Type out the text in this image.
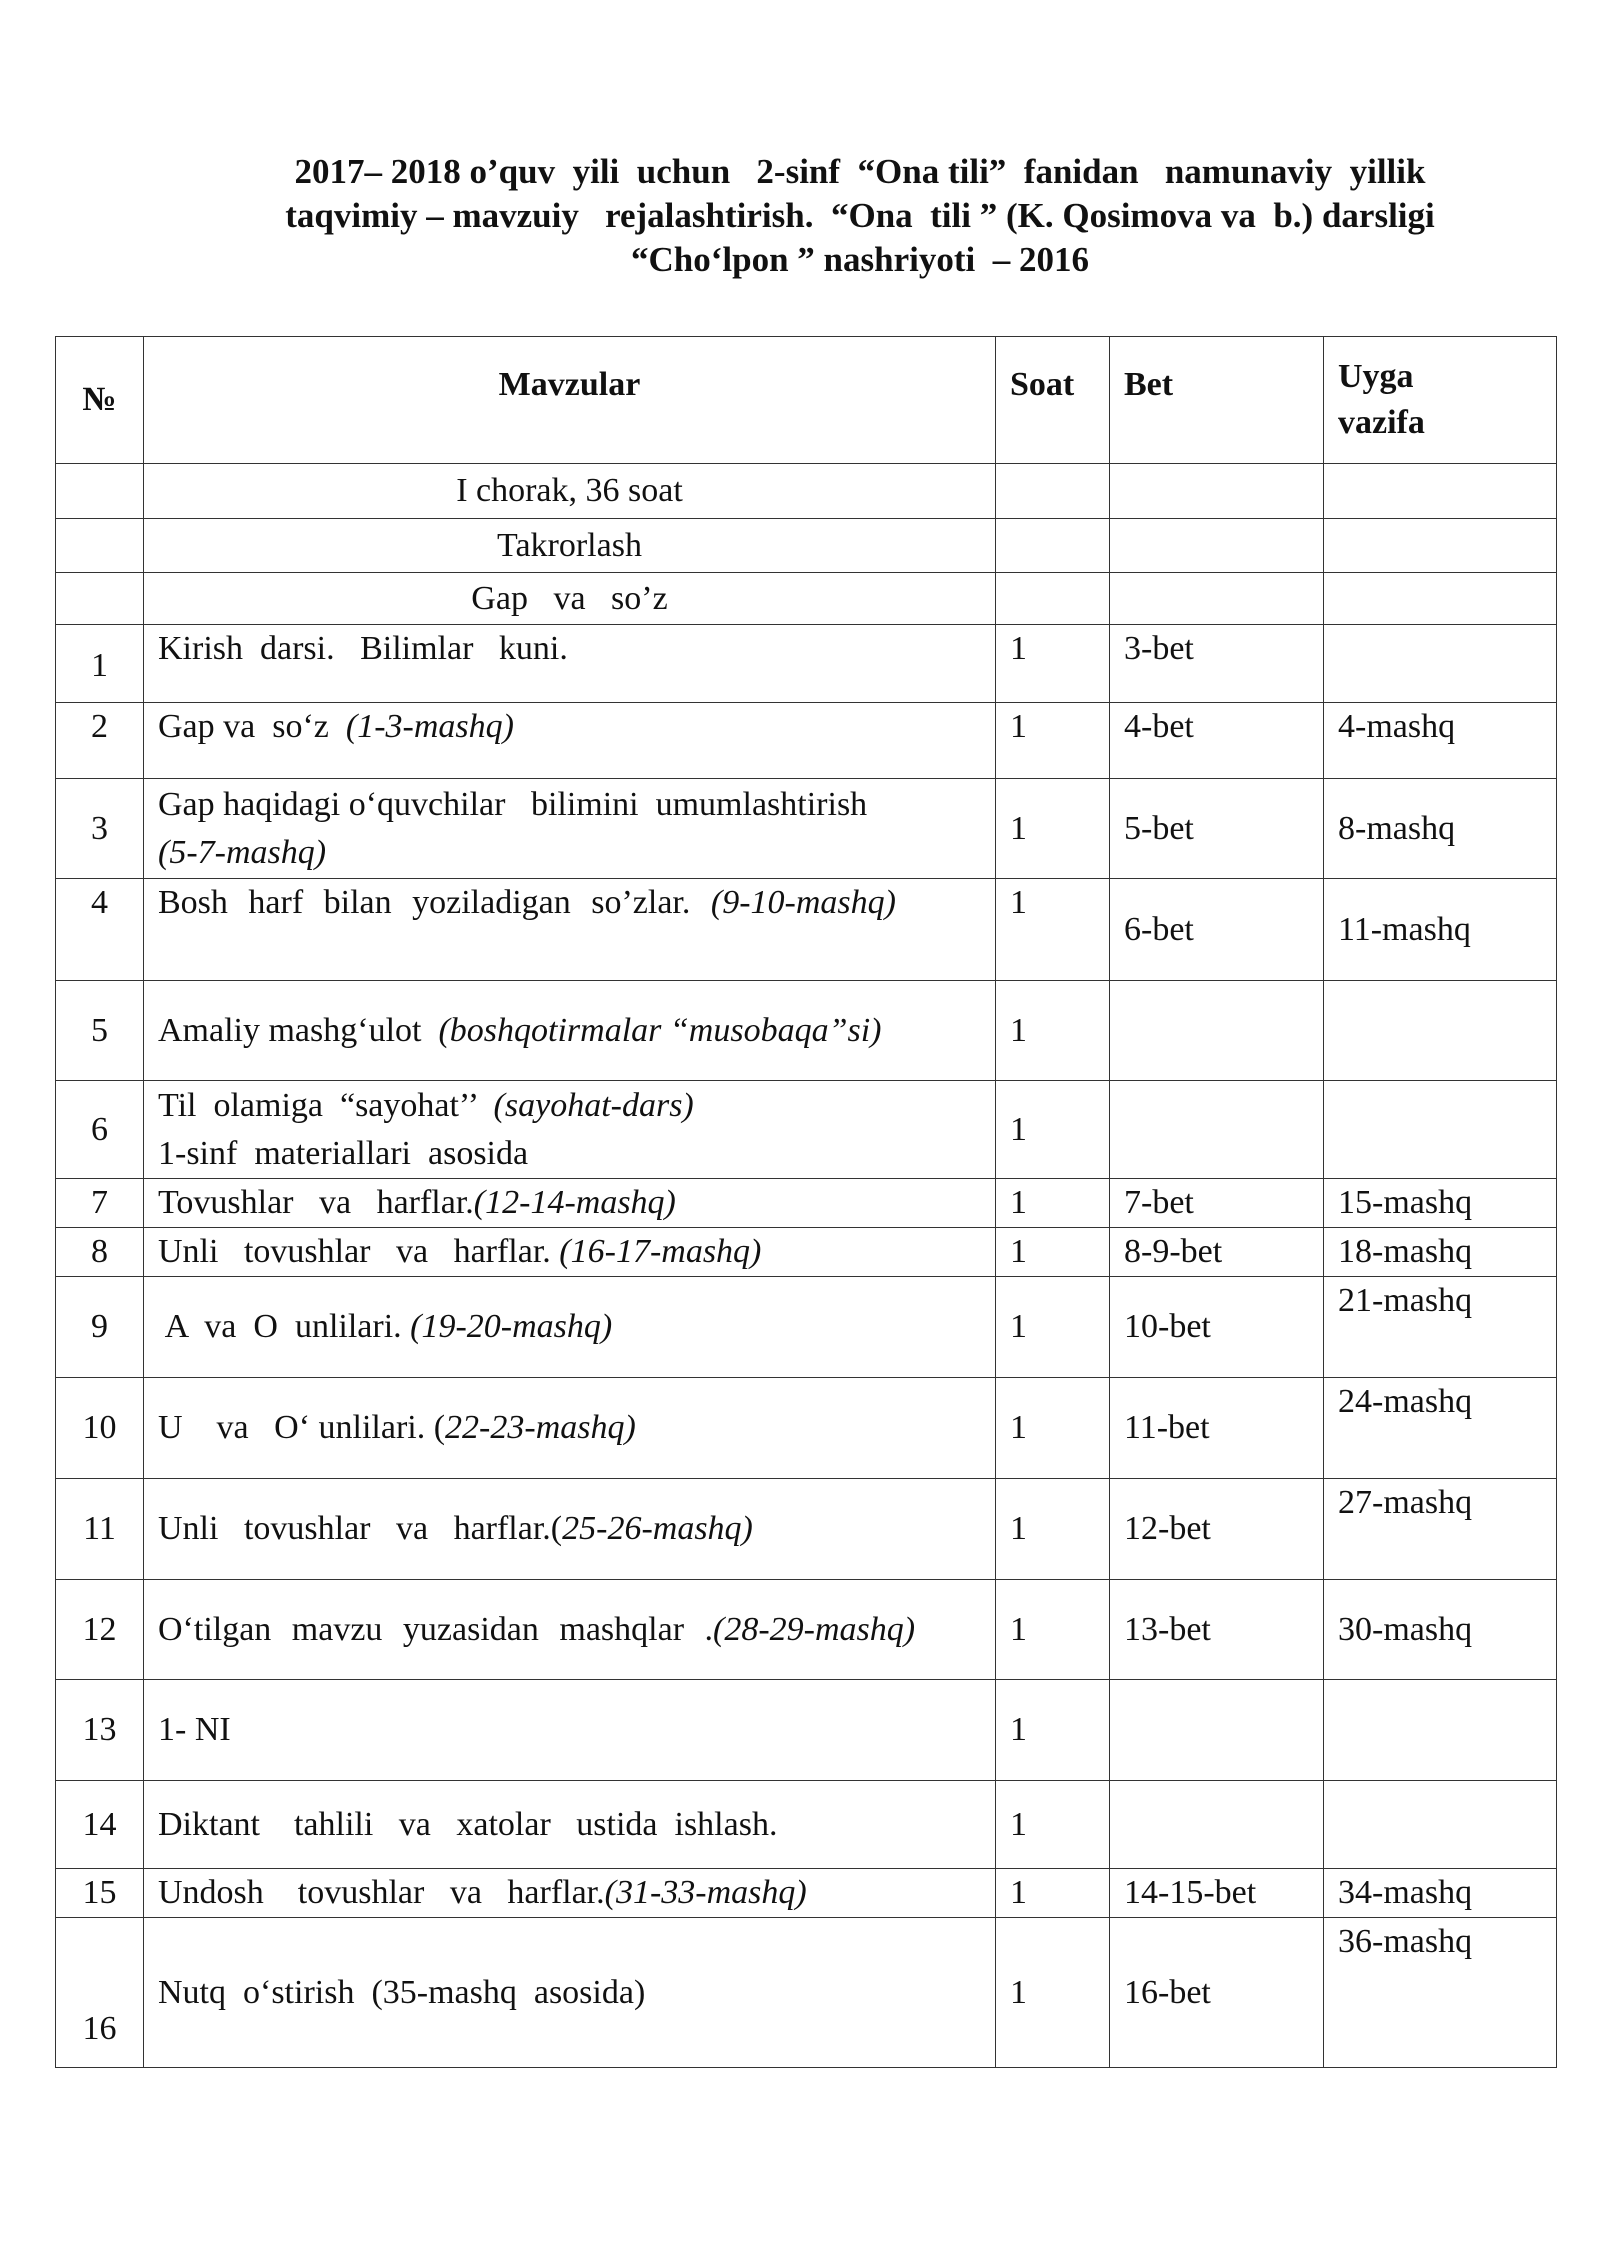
2017– 2018 o’quv  yili  uchun   2-sinf  “Ona tili”  fanidan   namunaviy  yillik
taqvimiy – mavzuiy   rejalashtirish.  “Ona  tili ” (K. Qosimova va  b.) darsligi
“Cho‘lpon ” nashriyoti  – 2016
№	Mavzular	Soat	Bet	Uyga
vazifa
	I chorak, 36 soat			
	Takrorlash			
	Gap   va   so’z			
1	Kirish  darsi.   Bilimlar   kuni.	1	3-bet	
2	Gap va  so‘z  (1-3-mashq)	1	4-bet	4-mashq
3	Gap haqidagi o‘quvchilar   bilimini  umumlashtirish
(5-7-mashq)	1	5-bet	8-mashq
4	Bosh harf bilan yoziladigan so’zlar. (9-10-mashq)	1	6-bet	11-mashq
5	Amaliy mashg‘ulot  (boshqotirmalar “musobaqa”si)	1		
6	Til  olamiga  “sayohat’’  (sayohat-dars)
1-sinf  materiallari  asosida	1		
7	Tovushlar   va   harflar.(12-14-mashq)	1	7-bet	15-mashq
8	Unli   tovushlar   va   harflar. (16-17-mashq)	1	8-9-bet	18-mashq
9	A  va  O  unlilari. (19-20-mashq)	1	10-bet	21-mashq
10	U    va   O‘ unlilari. (22-23-mashq)	1	11-bet	24-mashq
11	Unli   tovushlar   va   harflar.(25-26-mashq)	1	12-bet	27-mashq
12	O‘tilgan mavzu yuzasidan mashqlar .(28-29-mashq)	1	13-bet	30-mashq
13	1- NI	1		
14	Diktant    tahlili   va   xatolar   ustida  ishlash.	1		
15	Undosh    tovushlar   va   harflar.(31-33-mashq)	1	14-15-bet	34-mashq
16	Nutq  o‘stirish  (35-mashq  asosida)	1	16-bet	36-mashq
